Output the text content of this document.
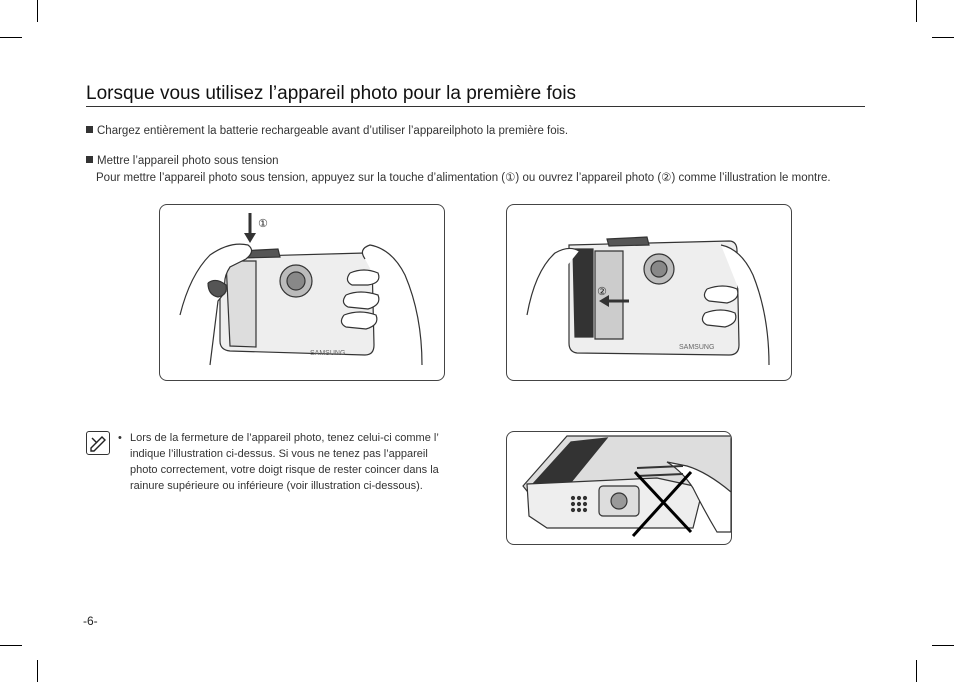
Lorsque vous utilisez l’appareil photo pour la première fois
Chargez entièrement la batterie rechargeable avant d’utiliser l’appareilphoto la première fois.
Mettre l’appareil photo sous tension
Pour mettre l’appareil photo sous tension, appuyez sur la touche d’alimentation (①) ou ouvrez l’appareil photo (②) comme l’illustration le montre.
①
SAMSUNG
②
SAMSUNG
• Lors de la fermeture de l’appareil photo, tenez celui-ci comme l’ indique l’illustration ci-dessus. Si vous ne tenez pas l’appareil photo correctement, votre doigt risque de rester coincer dans la rainure supérieure ou inférieure (voir illustration ci-dessous).
-6-
